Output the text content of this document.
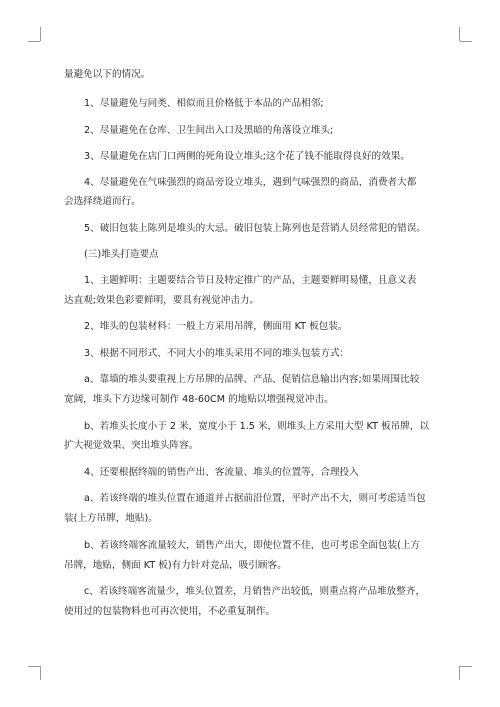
量避免以下的情况。
1、尽量避免与同类、相似而且价格低于本品的产品相邻;
2、尽量避免在仓库、卫生间出入口及黑暗的角落设立堆头;
3、尽量避免在店门口两侧的死角设立堆头;这个花了钱不能取得良好的效果。
4、尽量避免在气味强烈的商品旁设立堆头，遇到气味强烈的商品，消费者大都
会选择绕道而行。
5、破旧包装上陈列是堆头的大忌。破旧包装上陈列也是营销人员经常犯的错误。
(三)堆头打造要点
1、主题鲜明：主题要结合节日及特定推广的产品，主题要鲜明易懂，且意义表
达直观;效果色彩要鲜明，要具有视觉冲击力。
2、堆头的包装材料：一般上方采用吊牌，侧面用 KT 板包装。
3、根据不同形式、不同大小的堆头采用不同的堆头包装方式：
a、靠墙的堆头要重视上方吊牌的品牌、产品、促销信息输出内容;如果周围比较
宽阔，堆头下方边缘可制作 48-60CM 的地贴以增强视觉冲击。
b、若堆头长度小于 2 米，宽度小于 1.5 米，则堆头上方采用大型 KT 板吊牌，以
扩大视觉效果、突出堆头阵容。
4、还要根据终端的销售产出、客流量、堆头的位置等，合理投入
a、若该终端的堆头位置在通道并占据前沿位置，平时产出不大，则可考虑适当包
装(上方吊牌，地贴)。
b、若该终端客流量较大，销售产出大，即使位置不佳，也可考虑全面包装(上方
吊牌，地贴，侧面 KT 板)有力针对竞品，吸引顾客。
c、若该终端客流量少，堆头位置差，月销售产出较低，则重点将产品堆放整齐，
使用过的包装物料也可再次使用，不必重复制作。
